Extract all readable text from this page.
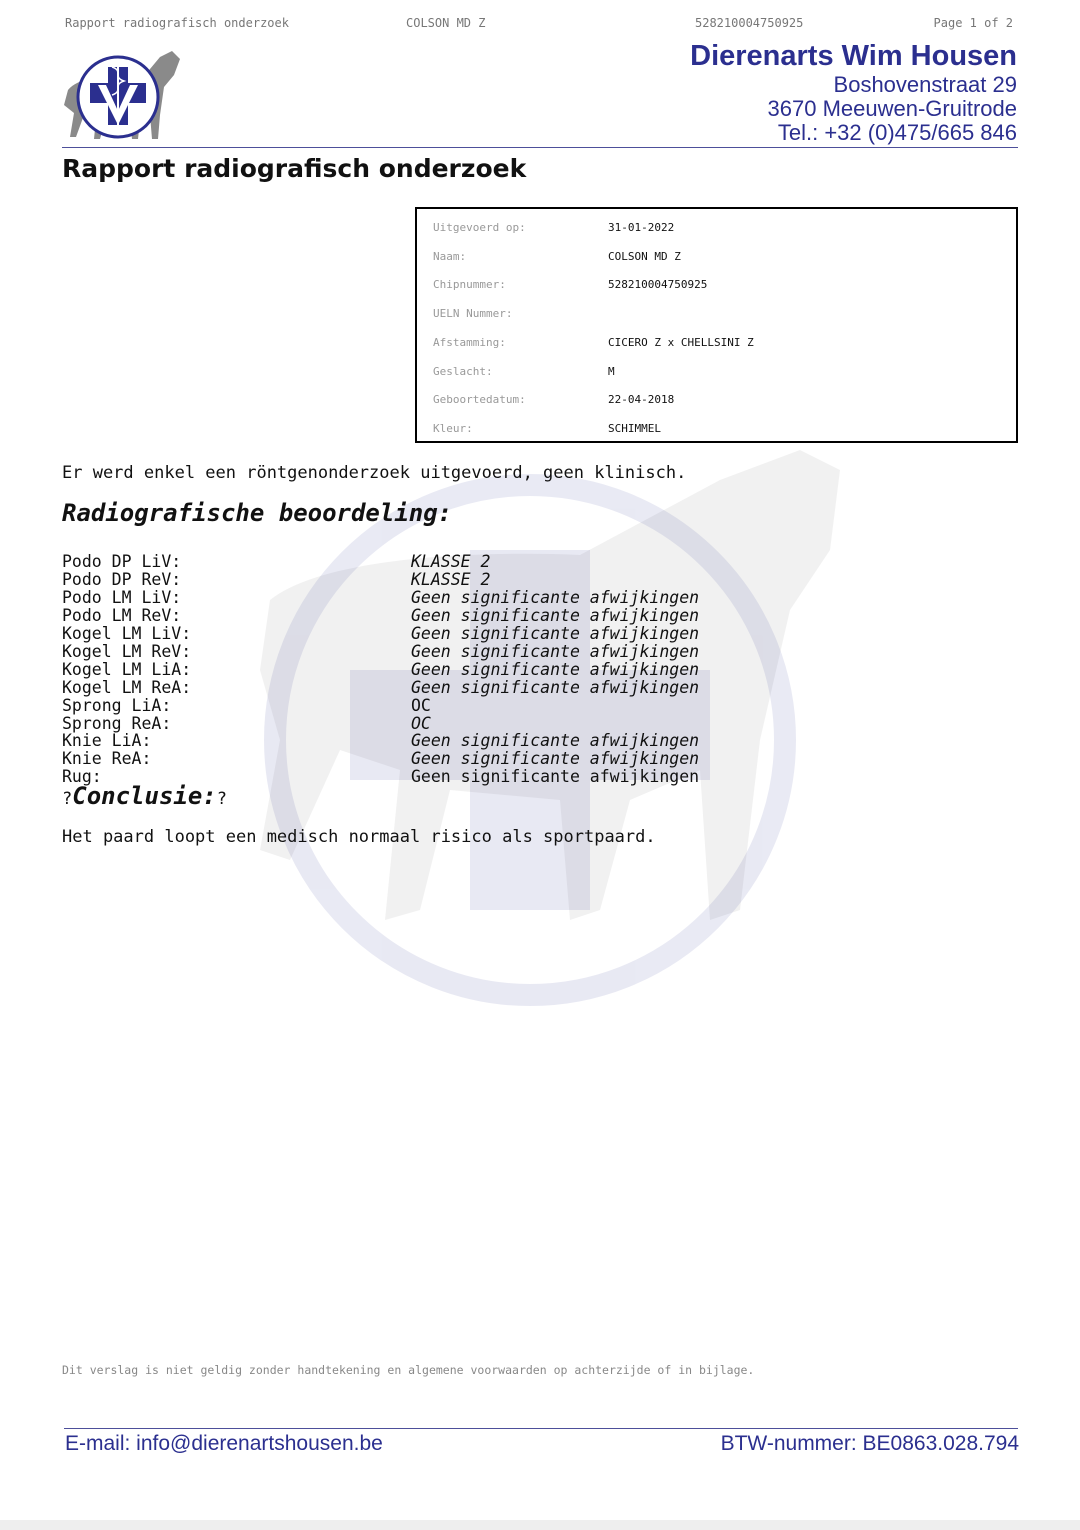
Rapport radiografisch onderzoek	COLSON MD Z	528210004750925	Page 1 of 2
Dierenarts Wim Housen
Boshovenstraat 29
3670 Meeuwen-Gruitrode
Tel.: +32 (0)475/665 846
Rapport radiografisch onderzoek
Uitgevoerd op:	31-01-2022
Naam:	COLSON MD Z
Chipnummer:	528210004750925
UELN Nummer:
Afstamming:	CICERO Z x CHELLSINI Z
Geslacht:	M
Geboortedatum:	22-04-2018
Kleur:	SCHIMMEL
Er werd enkel een röntgenonderzoek uitgevoerd, geen klinisch.
Radiografische beoordeling:
Podo DP LiV:	KLASSE 2
Podo DP ReV:	KLASSE 2
Podo LM LiV:	Geen significante afwijkingen
Podo LM ReV:	Geen significante afwijkingen
Kogel LM LiV:	Geen significante afwijkingen
Kogel LM ReV:	Geen significante afwijkingen
Kogel LM LiA:	Geen significante afwijkingen
Kogel LM ReA:	Geen significante afwijkingen
Sprong LiA:	OC
Sprong ReA:	OC
Knie LiA:	Geen significante afwijkingen
Knie ReA:	Geen significante afwijkingen
Rug:	Geen significante afwijkingen
?Conclusie:?
Het paard loopt een medisch normaal risico als sportpaard.
Dit verslag is niet geldig zonder handtekening en algemene voorwaarden op achterzijde of in bijlage.
E-mail: info@dierenartshousen.be	BTW-nummer: BE0863.028.794
